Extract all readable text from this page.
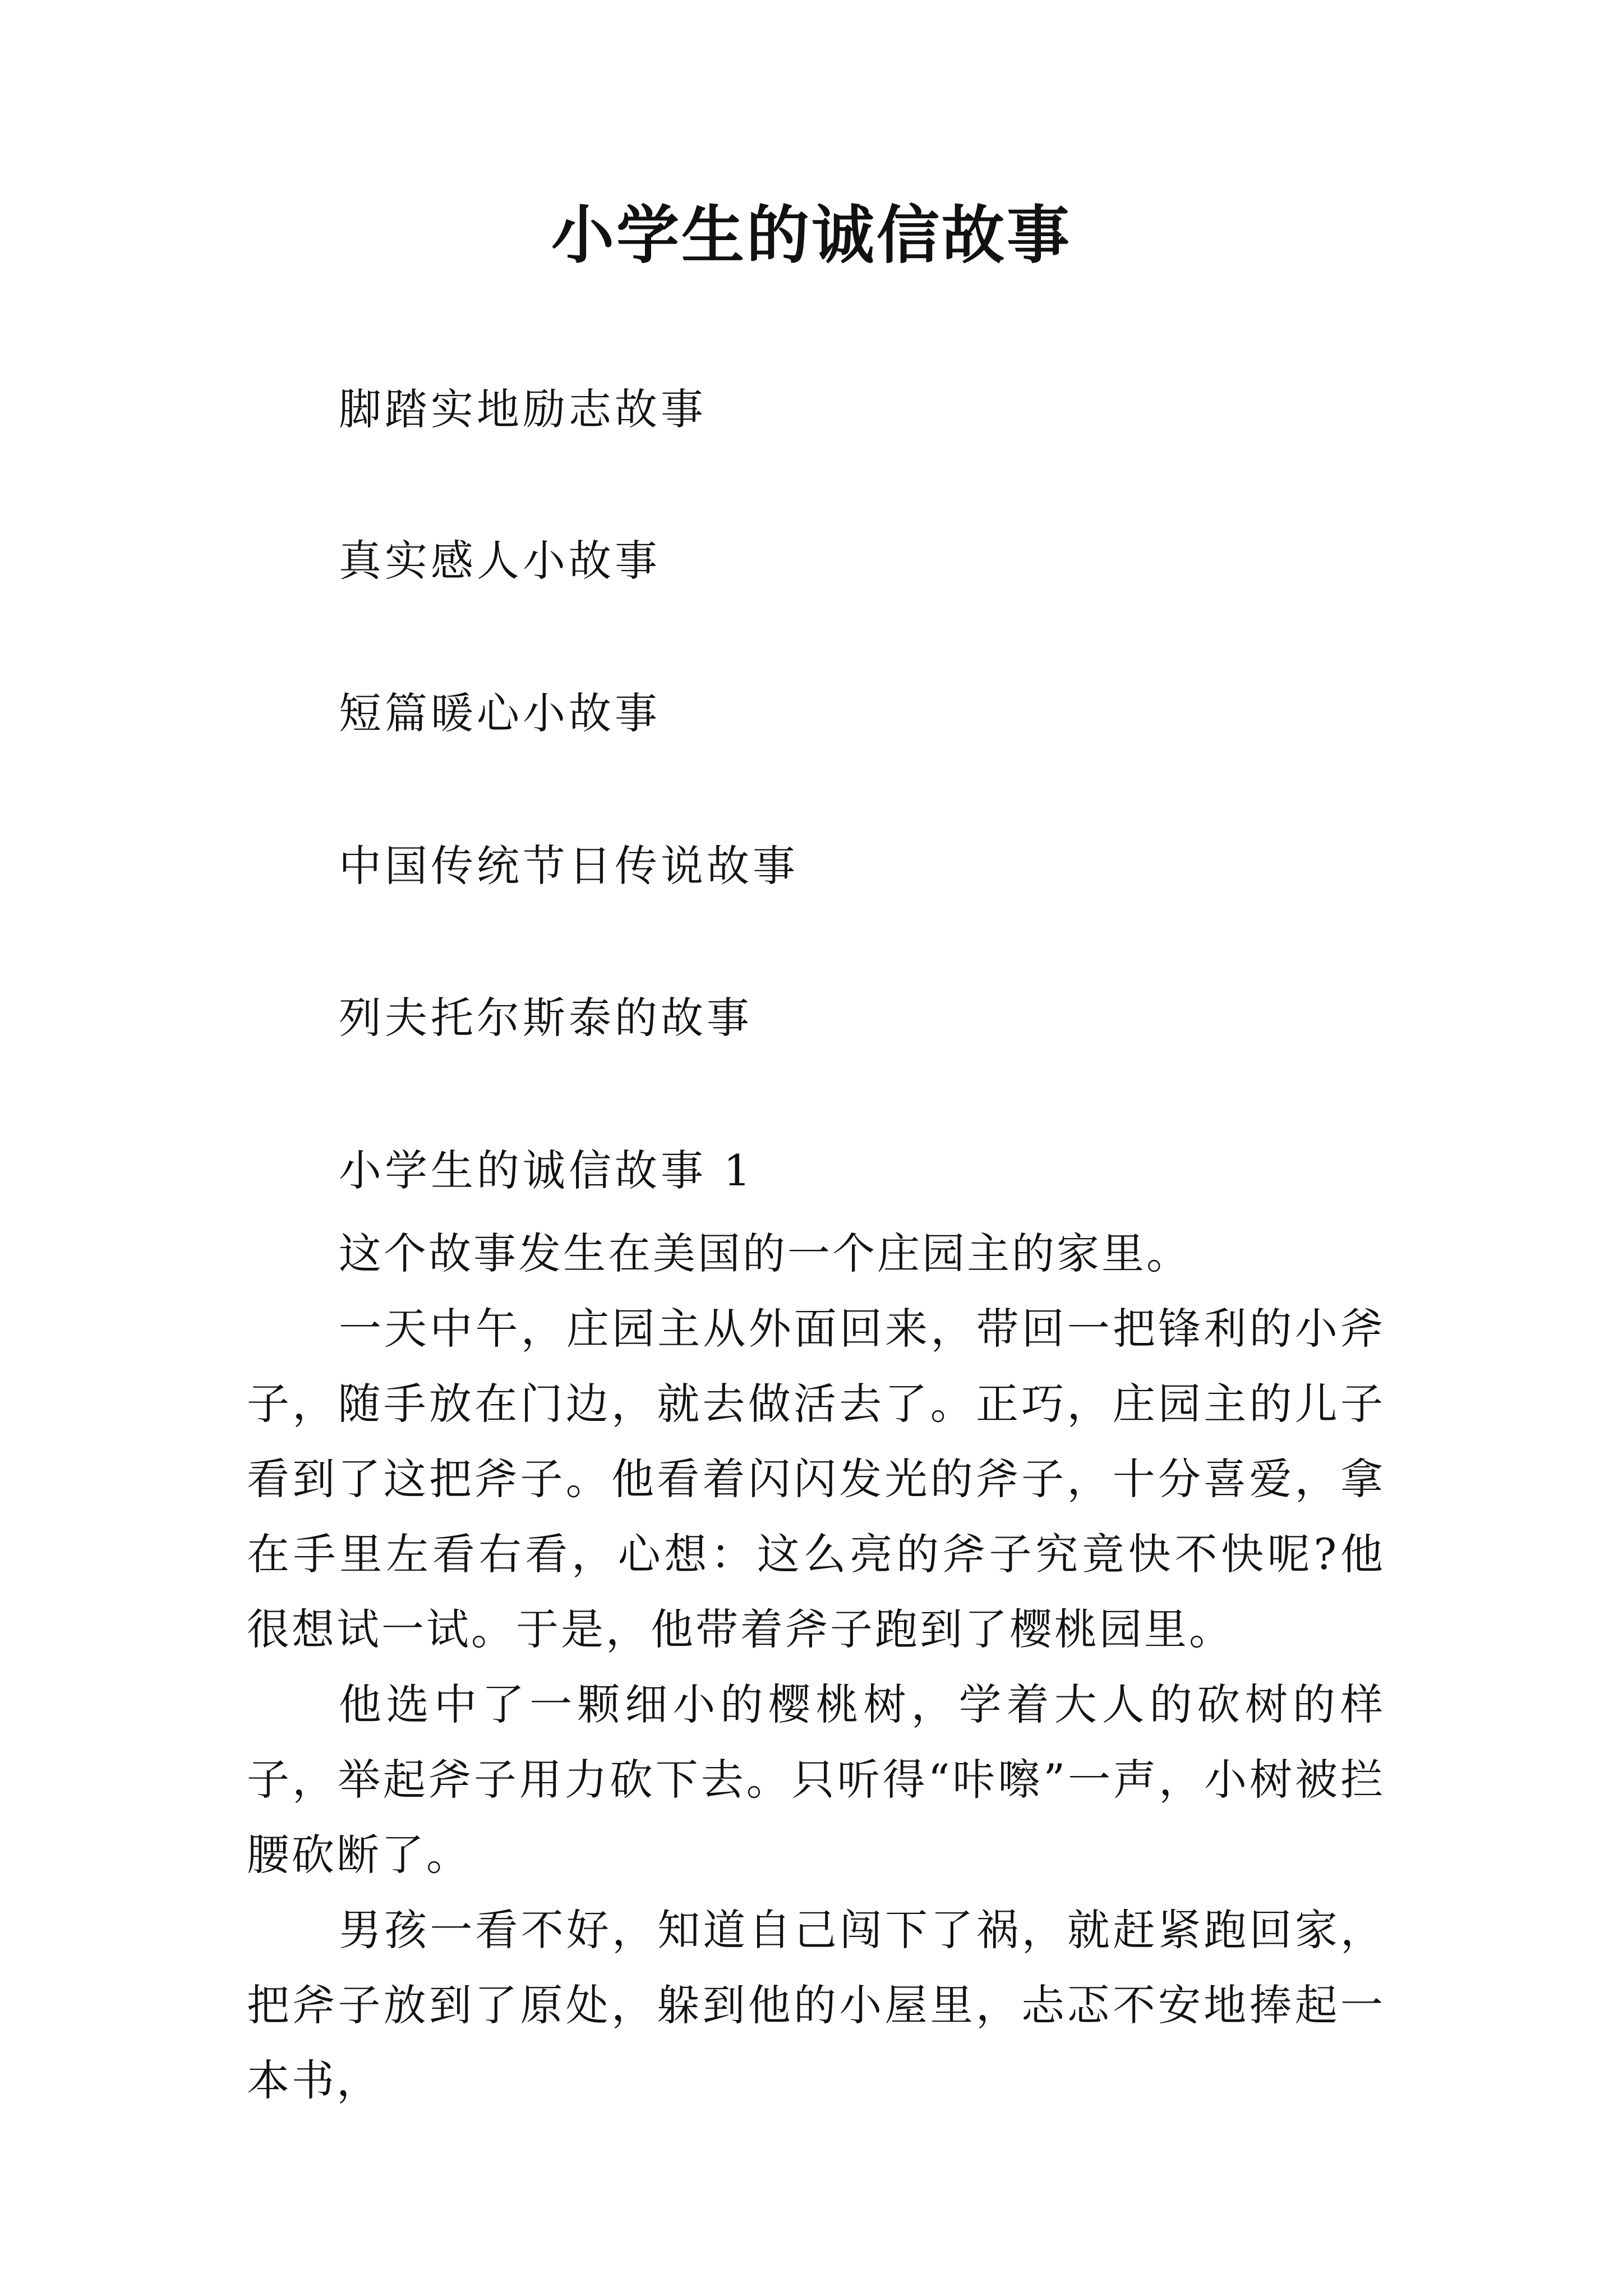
小学生的诚信故事
脚踏实地励志故事
真实感人小故事
短篇暖心小故事
中国传统节日传说故事
列夫托尔斯泰的故事
小学生的诚信故事 1

这个故事发生在美国的一个庄园主的家里。

一天中午，庄园主从外面回来，带回一把锋利的小斧子，随手放在门边，就去做活去了。正巧，庄园主的儿子看到了这把斧子。他看着闪闪发光的斧子，十分喜爱，拿在手里左看右看，心想：这么亮的斧子究竟快不快呢?他很想试一试。于是，他带着斧子跑到了樱桃园里。

他选中了一颗细小的樱桃树，学着大人的砍树的样子，举起斧子用力砍下去。只听得“咔嚓”一声，小树被拦腰砍断了。

男孩一看不好，知道自己闯下了祸，就赶紧跑回家，把斧子放到了原处，躲到他的小屋里，忐忑不安地捧起一本书，
